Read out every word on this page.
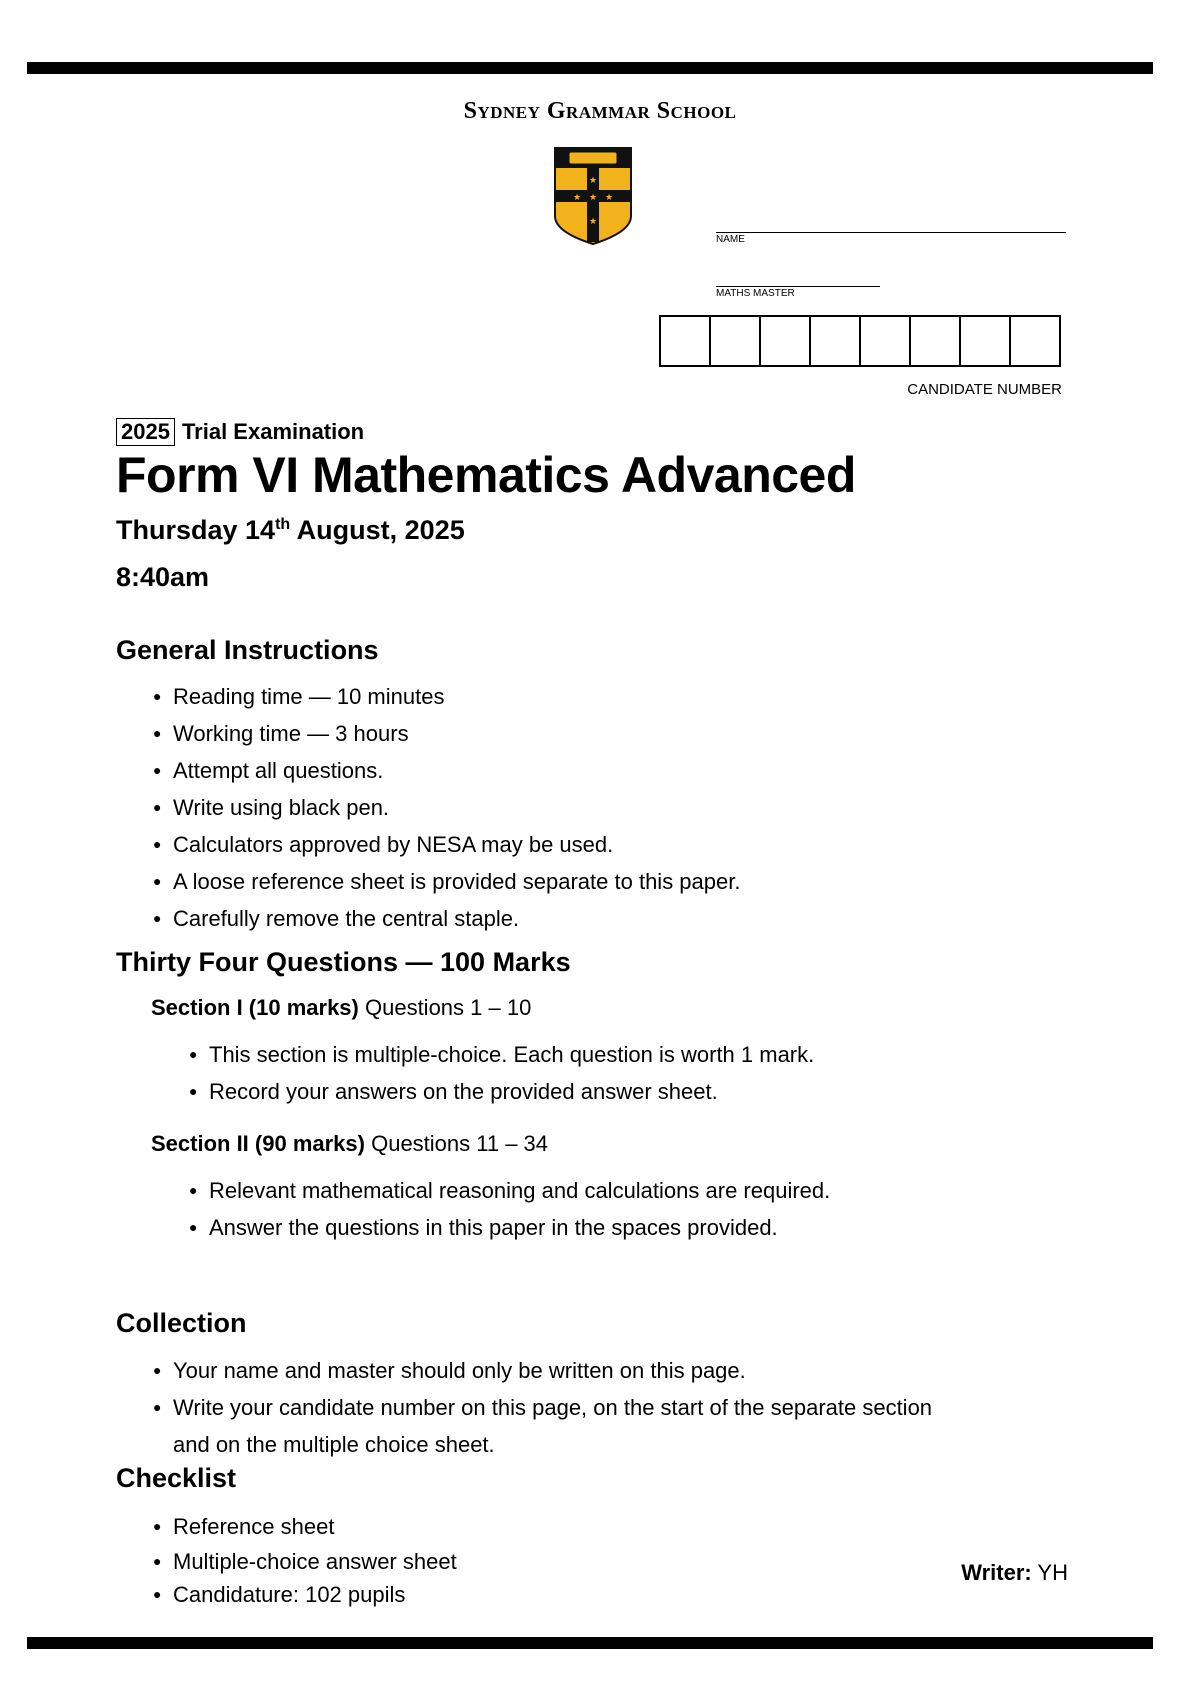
Sydney Grammar School
★
★
★	★
★
NAME
MATHS MASTER
CANDIDATE NUMBER
2025 Trial Examination
Form VI Mathematics Advanced
Thursday 14th August, 2025
8:40am
General Instructions
● Reading time — 10 minutes
● Working time — 3 hours
● Attempt all questions.
● Write using black pen.
● Calculators approved by NESA may be used.
● A loose reference sheet is provided separate to this paper.
● Carefully remove the central staple.
Thirty Four Questions — 100 Marks
Section I (10 marks) Questions 1 – 10
● This section is multiple-choice. Each question is worth 1 mark.
● Record your answers on the provided answer sheet.
Section II (90 marks) Questions 11 – 34
● Relevant mathematical reasoning and calculations are required.
● Answer the questions in this paper in the spaces provided.
Collection
● Your name and master should only be written on this page.
● Write your candidate number on this page, on the start of the separate section
and on the multiple choice sheet.
Checklist
● Reference sheet
● Multiple-choice answer sheet
● Candidature: 102 pupils
Writer: YH
